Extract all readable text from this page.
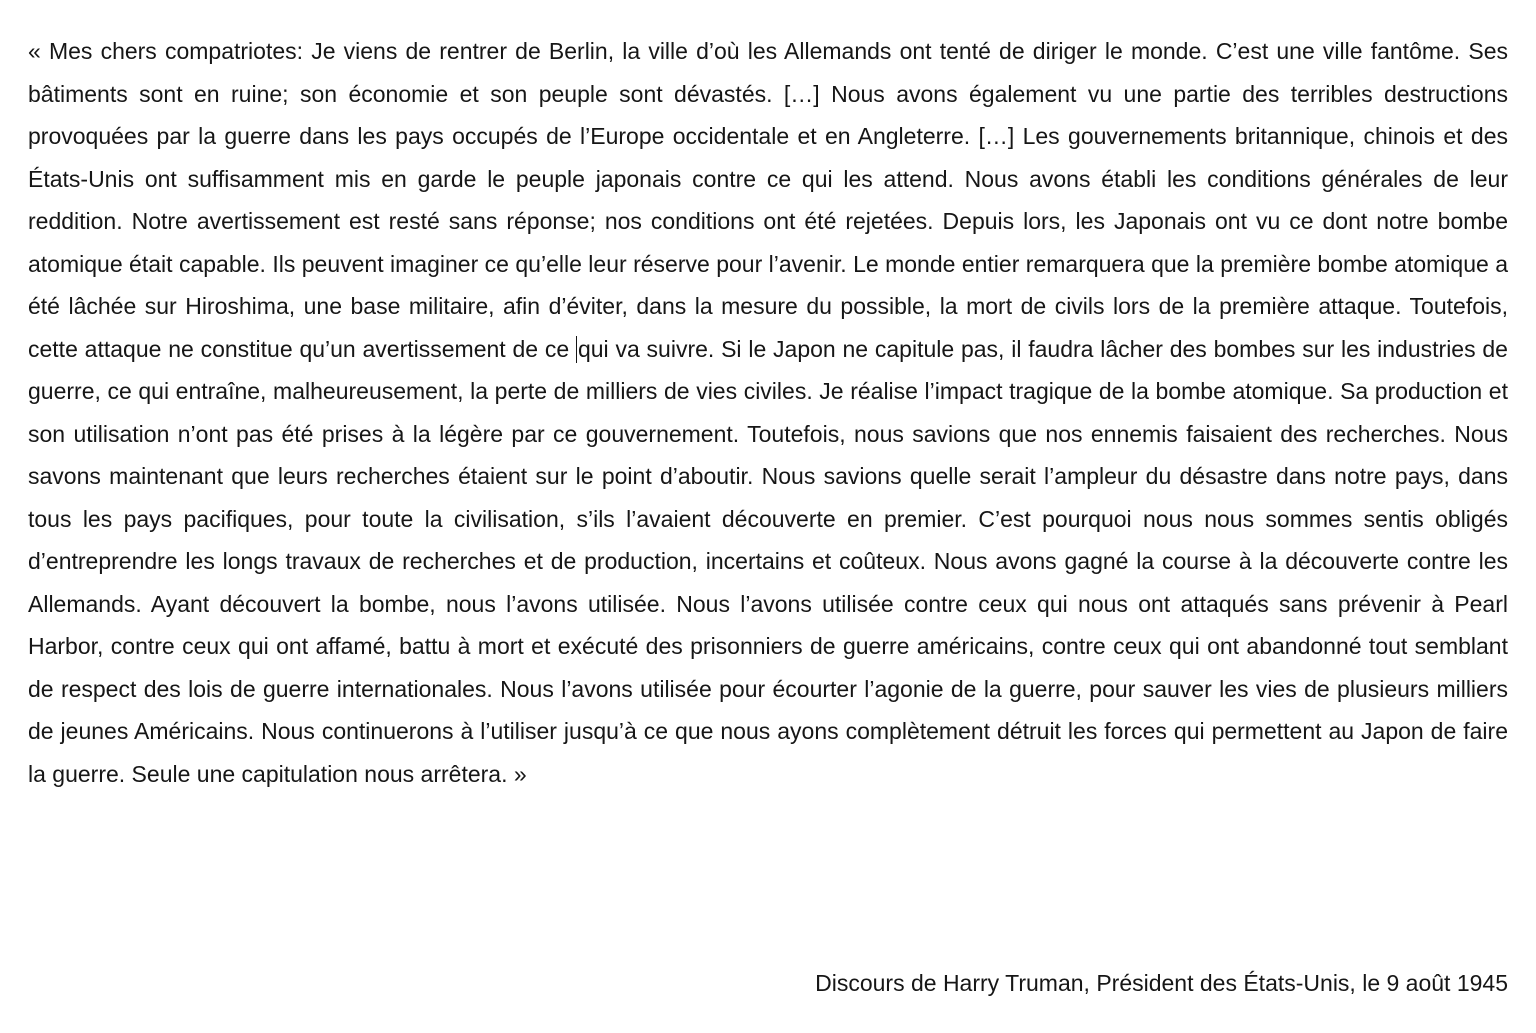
« Mes chers compatriotes: Je viens de rentrer de Berlin, la ville d’où les Allemands ont tenté de diriger le monde. C’est une ville fantôme. Ses bâtiments sont en ruine; son économie et son peuple sont dévastés. […] Nous avons également vu une partie des terribles destructions provoquées par la guerre dans les pays occupés de l’Europe occidentale et en Angleterre. […] Les gouvernements britannique, chinois et des États-Unis ont suffisamment mis en garde le peuple japonais contre ce qui les attend. Nous avons établi les conditions générales de leur reddition. Notre avertissement est resté sans réponse; nos conditions ont été rejetées. Depuis lors, les Japonais ont vu ce dont notre bombe atomique était capable. Ils peuvent imaginer ce qu’elle leur réserve pour l’avenir. Le monde entier remarquera que la première bombe atomique a été lâchée sur Hiroshima, une base militaire, afin d’éviter, dans la mesure du possible, la mort de civils lors de la première attaque. Toutefois, cette attaque ne constitue qu’un avertissement de ce qui va suivre. Si le Japon ne capitule pas, il faudra lâcher des bombes sur les industries de guerre, ce qui entraîne, malheureusement, la perte de milliers de vies civiles. Je réalise l’impact tragique de la bombe atomique. Sa production et son utilisation n’ont pas été prises à la légère par ce gouvernement. Toutefois, nous savions que nos ennemis faisaient des recherches. Nous savons maintenant que leurs recherches étaient sur le point d’aboutir. Nous savions quelle serait l’ampleur du désastre dans notre pays, dans tous les pays pacifiques, pour toute la civilisation, s’ils l’avaient découverte en premier. C’est pourquoi nous nous sommes sentis obligés d’entreprendre les longs travaux de recherches et de production, incertains et coûteux. Nous avons gagné la course à la découverte contre les Allemands. Ayant découvert la bombe, nous l’avons utilisée. Nous l’avons utilisée contre ceux qui nous ont attaqués sans prévenir à Pearl Harbor, contre ceux qui ont affamé, battu à mort et exécuté des prisonniers de guerre américains, contre ceux qui ont abandonné tout semblant de respect des lois de guerre internationales. Nous l’avons utilisée pour écourter l’agonie de la guerre, pour sauver les vies de plusieurs milliers de jeunes Américains. Nous continuerons à l’utiliser jusqu’à ce que nous ayons complètement détruit les forces qui permettent au Japon de faire la guerre. Seule une capitulation nous arrêtera. »

Discours de Harry Truman, Président des États-Unis, le 9 août 1945
